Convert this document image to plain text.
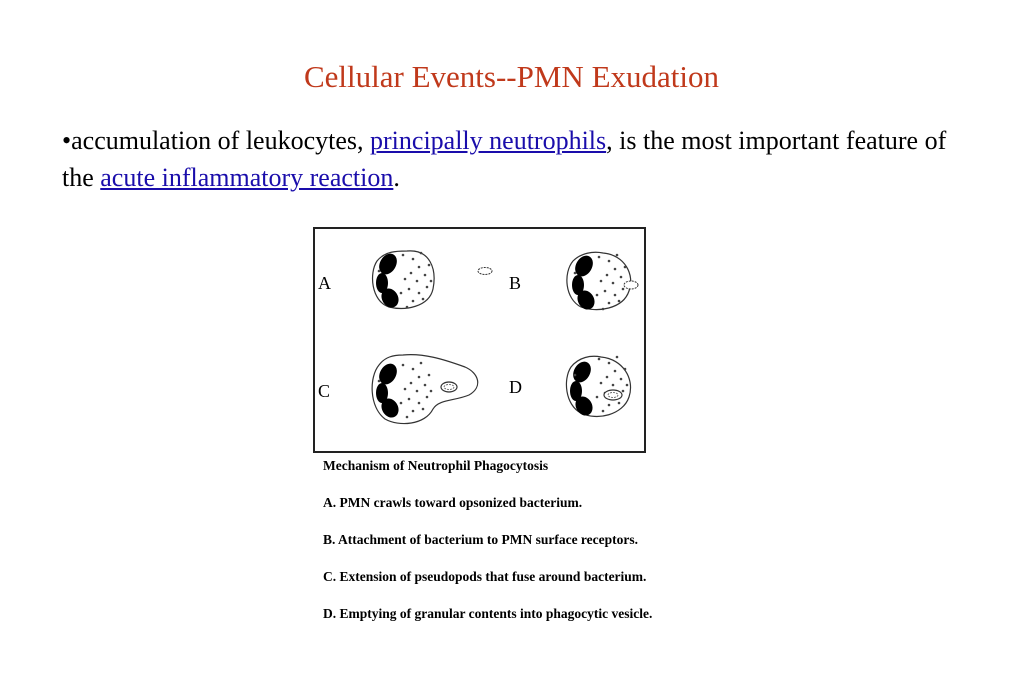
Cellular Events--PMN Exudation
•accumulation of leukocytes, principally neutrophils, is the most important feature of the acute inflammatory reaction.
A	B
C	D
Mechanism of Neutrophil Phagocytosis
A. PMN crawls toward opsonized bacterium.
B. Attachment of bacterium to PMN surface receptors.
C. Extension of pseudopods that fuse around bacterium.
D. Emptying of granular contents into phagocytic vesicle.
